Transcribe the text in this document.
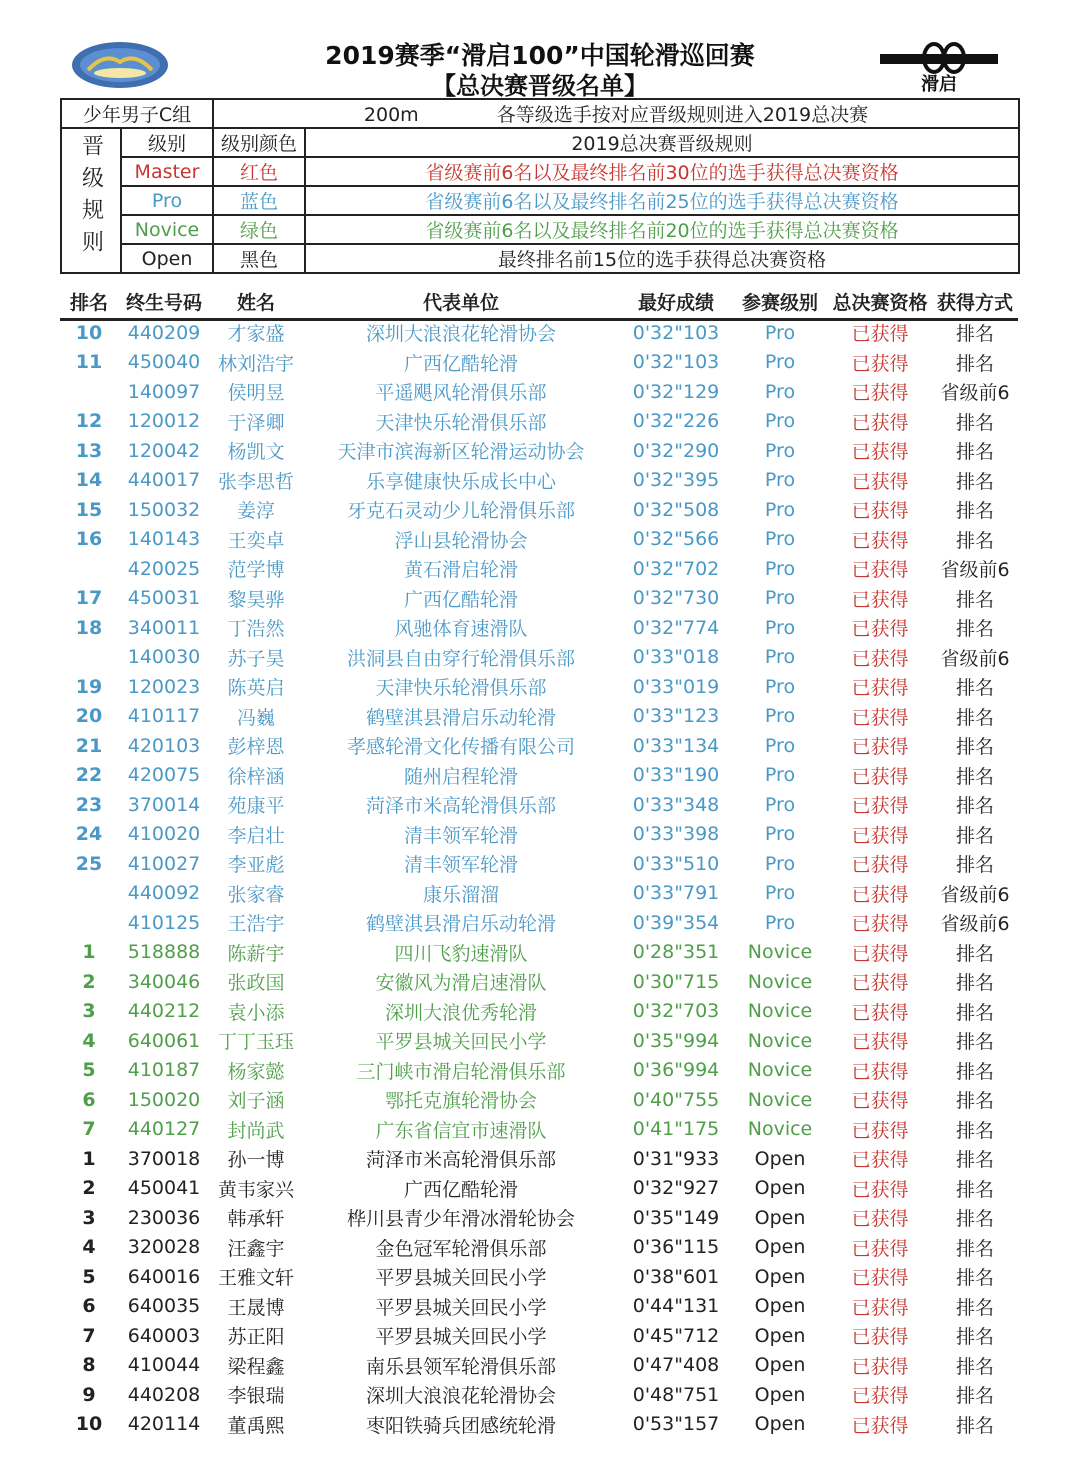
2019赛季“滑启100”中国轮滑巡回赛
【总决赛晋级名单】	滑启
少年男子C组		200m 各等级选手按对应晋级规则进入2019总决赛	
晋级规则	级别	级别颜色	2019总决赛晋级规则
	Master	红色	省级赛前6名以及最终排名前30位的选手获得总决赛资格
	Pro	蓝色	省级赛前6名以及最终排名前25位的选手获得总决赛资格
	Novice	绿色	省级赛前6名以及最终排名前20位的选手获得总决赛资格
	Open	黑色	最终排名前15位的选手获得总决赛资格
排名 终生号码	姓名	代表单位	最好成绩	参赛级别 总决赛资格 获得方式
10	440209	才家盛	深圳大浪浪花轮滑协会	0'32"103	Pro	已获得	排名
11	450040 林刘浩宇	广西亿酷轮滑	0'32"103	Pro	已获得	排名
140097	侯明昱	平遥飓风轮滑俱乐部	0'32"129	Pro	已获得	省级前6
12	120012	于泽卿	天津快乐轮滑俱乐部	0'32"226	Pro	已获得	排名
13	120042	杨凯文	天津市滨海新区轮滑运动协会	0'32"290	Pro	已获得	排名
14	440017 张李思哲	乐享健康快乐成长中心	0'32"395	Pro	已获得	排名
15	150032	姜淳	牙克石灵动少儿轮滑俱乐部	0'32"508	Pro	已获得	排名
16	140143	王奕卓	浮山县轮滑协会	0'32"566	Pro	已获得	排名
420025	范学博	黄石滑启轮滑	0'32"702	Pro	已获得	省级前6
17	450031	黎昊骅	广西亿酷轮滑	0'32"730	Pro	已获得	排名
18	340011	丁浩然	风驰体育速滑队	0'32"774	Pro	已获得	排名
140030	苏子昊	洪洞县自由穿行轮滑俱乐部	0'33"018	Pro	已获得	省级前6
19	120023	陈英启	天津快乐轮滑俱乐部	0'33"019	Pro	已获得	排名
20	410117	冯巍	鹤壁淇县滑启乐动轮滑	0'33"123	Pro	已获得	排名
21	420103	彭梓恩	孝感轮滑文化传播有限公司	0'33"134	Pro	已获得	排名
22	420075	徐梓涵	随州启程轮滑	0'33"190	Pro	已获得	排名
23	370014	苑康平	菏泽市米高轮滑俱乐部	0'33"348	Pro	已获得	排名
24	410020	李启壮	清丰领军轮滑	0'33"398	Pro	已获得	排名
25	410027	李亚彪	清丰领军轮滑	0'33"510	Pro	已获得	排名
440092	张家睿	康乐溜溜	0'33"791	Pro	已获得	省级前6
410125	王浩宇	鹤壁淇县滑启乐动轮滑	0'39"354	Pro	已获得	省级前6
1	518888	陈薪宇	四川飞豹速滑队	0'28"351	Novice	已获得	排名
2	340046	张政国	安徽风为滑启速滑队	0'30"715	Novice	已获得	排名
3	440212	袁小添	深圳大浪优秀轮滑	0'32"703	Novice	已获得	排名
4	640061 丁丁玉珏	平罗县城关回民小学	0'35"994	Novice	已获得	排名
5	410187	杨家懿	三门峡市滑启轮滑俱乐部	0'36"994	Novice	已获得	排名
6	150020	刘子涵	鄂托克旗轮滑协会	0'40"755	Novice	已获得	排名
7	440127	封尚武	广东省信宜市速滑队	0'41"175	Novice	已获得	排名
1	370018	孙一博	菏泽市米高轮滑俱乐部	0'31"933	Open	已获得	排名
2	450041 黄韦家兴	广西亿酷轮滑	0'32"927	Open	已获得	排名
3	230036	韩承轩	桦川县青少年滑冰滑轮协会	0'35"149	Open	已获得	排名
4	320028	汪鑫宇	金色冠军轮滑俱乐部	0'36"115	Open	已获得	排名
5	640016 王雅文轩	平罗县城关回民小学	0'38"601	Open	已获得	排名
6	640035	王晟博	平罗县城关回民小学	0'44"131	Open	已获得	排名
7	640003	苏正阳	平罗县城关回民小学	0'45"712	Open	已获得	排名
8	410044	梁程鑫	南乐县领军轮滑俱乐部	0'47"408	Open	已获得	排名
9	440208	李银瑞	深圳大浪浪花轮滑协会	0'48"751	Open	已获得	排名
10	420114	董禹熙	枣阳铁骑兵团感统轮滑	0'53"157	Open	已获得	排名
